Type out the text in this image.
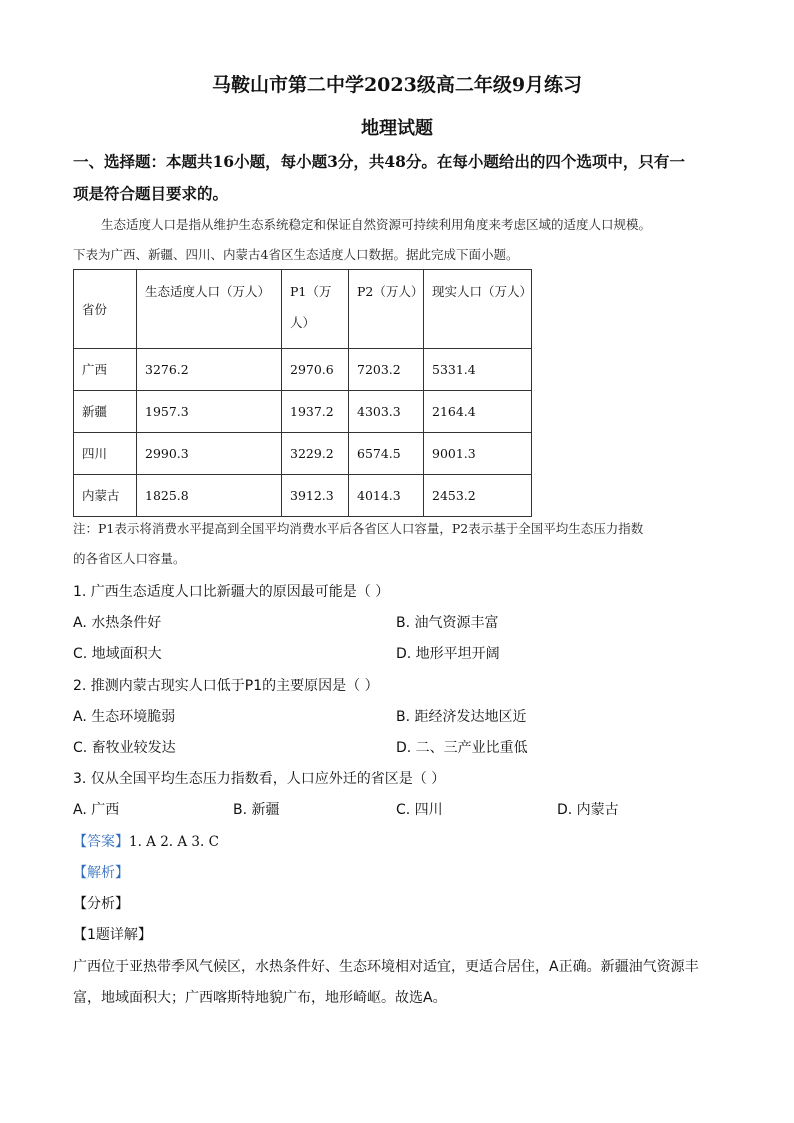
马鞍山市第二中学2023级高二年级9月练习
地理试题
一、选择题：本题共16小题，每小题3分，共48分。在每小题给出的四个选项中，只有一
项是符合题目要求的。
生态适度人口是指从维护生态系统稳定和保证自然资源可持续利用角度来考虑区域的适度人口规模。
下表为广西、新疆、四川、内蒙古4省区生态适度人口数据。据此完成下面小题。
省份	生态适度人口（万人）	P1（万人）	P2（万人）	现实人口（万人）
广西	3276.2	2970.6	7203.2	5331.4
新疆	1957.3	1937.2	4303.3	2164.4
四川	2990.3	3229.2	6574.5	9001.3
内蒙古	1825.8	3912.3	4014.3	2453.2
注：P1表示将消费水平提高到全国平均消费水平后各省区人口容量，P2表示基于全国平均生态压力指数
的各省区人口容量。
1. 广西生态适度人口比新疆大的原因最可能是（ ）
A. 水热条件好	B. 油气资源丰富
C. 地域面积大	D. 地形平坦开阔
2. 推测内蒙古现实人口低于P1的主要原因是（ ）
A. 生态环境脆弱	B. 距经济发达地区近
C. 畜牧业较发达	D. 二、三产业比重低
3. 仅从全国平均生态压力指数看，人口应外迁的省区是（ ）
A. 广西	B. 新疆	C. 四川	D. 内蒙古
【答案】1. A 2. A 3. C
【解析】
【分析】
【1题详解】
广西位于亚热带季风气候区，水热条件好、生态环境相对适宜，更适合居住，A正确。新疆油气资源丰
富，地域面积大；广西喀斯特地貌广布，地形崎岖。故选A。
